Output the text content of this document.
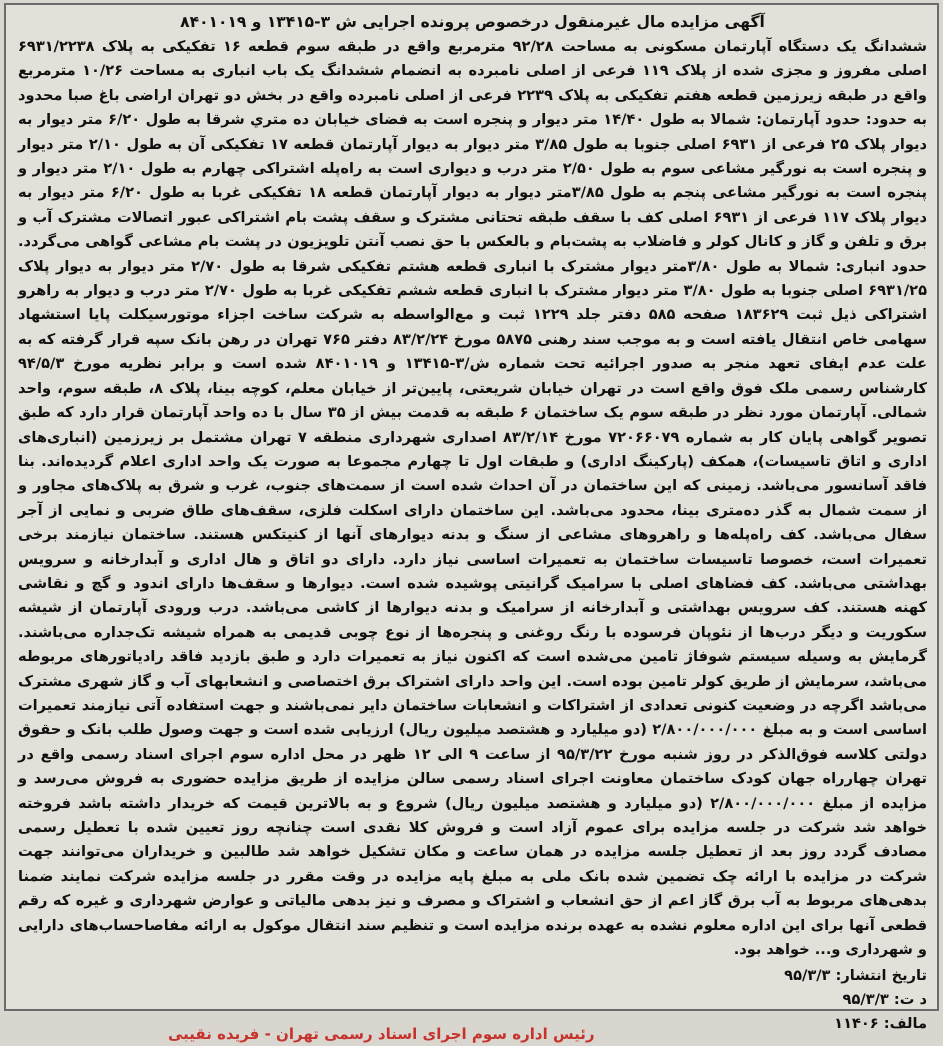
آگهی مزایده مال غیرمنقول درخصوص پرونده اجرایی ش ۳-۱۳۴۱۵ و ۸۴۰۱۰۱۹

ششدانگ یک دستگاه آپارتمان مسکونی به مساحت ۹۲/۲۸ مترمربع واقع در طبقه سوم قطعه ۱۶ تفکیکی به پلاک ۶۹۳۱/۲۲۳۸ اصلی مفروز و مجزی شده از پلاک ۱۱۹ فرعی از اصلی نامبرده به انضمام ششدانگ یک باب انباری به مساحت ۱۰/۲۶ مترمربع واقع در طبقه زیرزمین قطعه هفتم تفکیکی به پلاک ۲۲۳۹ فرعی از اصلی نامبرده واقع در بخش دو تهران اراضی باغ صبا محدود به حدود: حدود آپارتمان: شمالا به طول ۱۴/۴۰ متر دیوار و پنجره است به فضای خیابان ده متري شرقا به طول ۶/۲۰ متر دیوار به دیوار پلاک ۲۵ فرعی از ۶۹۳۱ اصلی جنوبا به طول ۳/۸۵ متر دیوار به دیوار آپارتمان قطعه ۱۷ تفکیکی آن به طول ۲/۱۰ متر دیوار و پنجره است به نورگیر مشاعی سوم به طول ۲/۵۰ متر درب و دیواری است به راه‌پله اشتراکی چهارم به طول ۲/۱۰ متر دیوار و پنجره است به نورگیر مشاعی پنجم به طول ۳/۸۵متر دیوار به دیوار آپارتمان قطعه ۱۸ تفکیکی غربا به طول ۶/۲۰ متر دیوار به دیوار پلاک ۱۱۷ فرعی از ۶۹۳۱ اصلی کف با سقف طبقه تحتانی مشترک و سقف پشت بام اشتراکی عبور اتصالات مشترک آب و برق و تلفن و گاز و کانال کولر و فاضلاب به پشت‌بام و بالعکس با حق نصب آنتن تلویزیون در پشت بام مشاعی گواهی می‌گردد. حدود انباری: شمالا به طول ۳/۸۰متر دیوار مشترک با انباری قطعه هشتم تفکیکی شرقا به طول ۲/۷۰ متر دیوار به دیوار پلاک ۶۹۳۱/۲۵ اصلی جنوبا به طول ۳/۸۰ متر دیوار مشترک با انباری قطعه ششم تفکیکی غربا به طول ۲/۷۰ متر درب و دیوار به راهرو اشتراکی ذیل ثبت ۱۸۳۶۲۹ صفحه ۵۸۵ دفتر جلد ۱۲۲۹ ثبت و مع‌الواسطه به شرکت ساخت اجزاء موتورسیکلت پایا استشهاد سهامی خاص انتقال یافته است و به موجب سند رهنی ۵۸۷۵ مورخ ۸۳/۲/۲۴ دفتر ۷۶۵ تهران در رهن بانک سپه قرار گرفته که به علت عدم ایفای تعهد منجر به صدور اجرائیه تحت شماره ش/۳-۱۳۴۱۵ و ۸۴۰۱۰۱۹ شده است و برابر نظریه مورخ ۹۴/۵/۳ کارشناس رسمی ملک فوق واقع است در تهران خیابان شریعتی، پایین‌تر از خیابان معلم، کوچه بینا، پلاک ۸، طبقه سوم، واحد شمالی. آپارتمان مورد نظر در طبقه سوم یک ساختمان ۶ طبقه به قدمت بیش از ۳۵ سال با ده واحد آپارتمان قرار دارد که طبق تصویر گواهی پایان کار به شماره ۷۲۰۶۶۰۷۹ مورخ ۸۳/۲/۱۴ اصداری شهرداری منطقه ۷ تهران مشتمل بر زیرزمین (انباری‌های اداری و اتاق تاسیسات)، همکف (پارکینگ اداری) و طبقات اول تا چهارم مجموعا به صورت یک واحد اداری اعلام گردیده‌اند. بنا فاقد آسانسور می‌باشد. زمینی که این ساختمان در آن احداث شده است از سمت‌های جنوب، غرب و شرق به پلاک‌های مجاور و از سمت شمال به گذر ده‌متری بینا، محدود می‌باشد. این ساختمان دارای اسکلت فلزی، سقف‌های طاق ضربی و نمایی از آجر سفال می‌باشد. کف راه‌پله‌ها و راهروهای مشاعی از سنگ و بدنه دیوارهای آنها از کنیتکس هستند. ساختمان نیازمند برخی تعمیرات است، خصوصا تاسیسات ساختمان به تعمیرات اساسی نیاز دارد. دارای دو اتاق و هال اداری و آبدارخانه و سرویس بهداشتی می‌باشد. کف فضاهای اصلی با سرامیک گرانیتی پوشیده شده است. دیوارها و سقف‌ها دارای اندود و گچ و نقاشی کهنه هستند. کف سرویس بهداشتی و آبدارخانه از سرامیک و بدنه دیوارها از کاشی می‌باشد. درب ورودی آپارتمان از شیشه سکوریت و دیگر درب‌ها از نئوپان فرسوده با رنگ روغنی و پنجره‌ها از نوع چوبی قدیمی به همراه شیشه تک‌جداره می‌باشند. گرمایش به وسیله سیستم شوفاژ تامین می‌شده است که اکنون نیاز به تعمیرات دارد و طبق بازدید فاقد رادیاتورهای مربوطه می‌باشد، سرمایش از طریق کولر تامین بوده است. این واحد دارای اشتراک برق اختصاصی و انشعابهای آب و گاز شهری مشترک می‌باشد اگرچه در وضعیت کنونی تعدادی از اشتراکات و انشعابات ساختمان دایر نمی‌باشند و جهت استفاده آتی نیازمند تعمیرات اساسی است و به مبلغ ۲/۸۰۰/۰۰۰/۰۰۰ (دو میلیارد و هشتصد میلیون ریال) ارزیابی شده است و جهت وصول طلب بانک و حقوق دولتی کلاسه فوق‌الذکر در روز شنبه مورخ ۹۵/۳/۲۲ از ساعت ۹ الی ۱۲ ظهر در محل اداره سوم اجرای اسناد رسمی واقع در تهران چهارراه جهان کودک ساختمان معاونت اجرای اسناد رسمی سالن مزایده از طریق مزایده حضوری به فروش می‌رسد و مزایده از مبلغ ۲/۸۰۰/۰۰۰/۰۰۰ (دو میلیارد و هشتصد میلیون ریال) شروع و به بالاترین قیمت که خریدار داشته باشد فروخته خواهد شد شرکت در جلسه مزایده برای عموم آزاد است و فروش کلا نقدی است چنانچه روز تعیین شده با تعطیل رسمی مصادف گردد روز بعد از تعطیل جلسه مزایده در همان ساعت و مکان تشکیل خواهد شد طالبین و خریداران می‌توانند جهت شرکت در مزایده با ارائه چک تضمین شده بانک ملی به مبلغ پایه مزایده در وقت مقرر در جلسه مزایده شرکت نمایند ضمنا بدهی‌های مربوط به آب برق گاز اعم از حق انشعاب و اشتراک و مصرف و نیز بدهی مالیاتی و عوارض شهرداری و غیره که رقم قطعی آنها برای این اداره معلوم نشده به عهده برنده مزایده است و تنظیم سند انتقال موکول به ارائه مفاصاحساب‌های دارایی و شهرداری و... خواهد بود.

تاریخ انتشار: ۹۵/۳/۳
د ت: ۹۵/۳/۳
مالف: ۱۱۴۰۶
رئیس اداره سوم اجرای اسناد رسمی تهران - فریده نقیبی
